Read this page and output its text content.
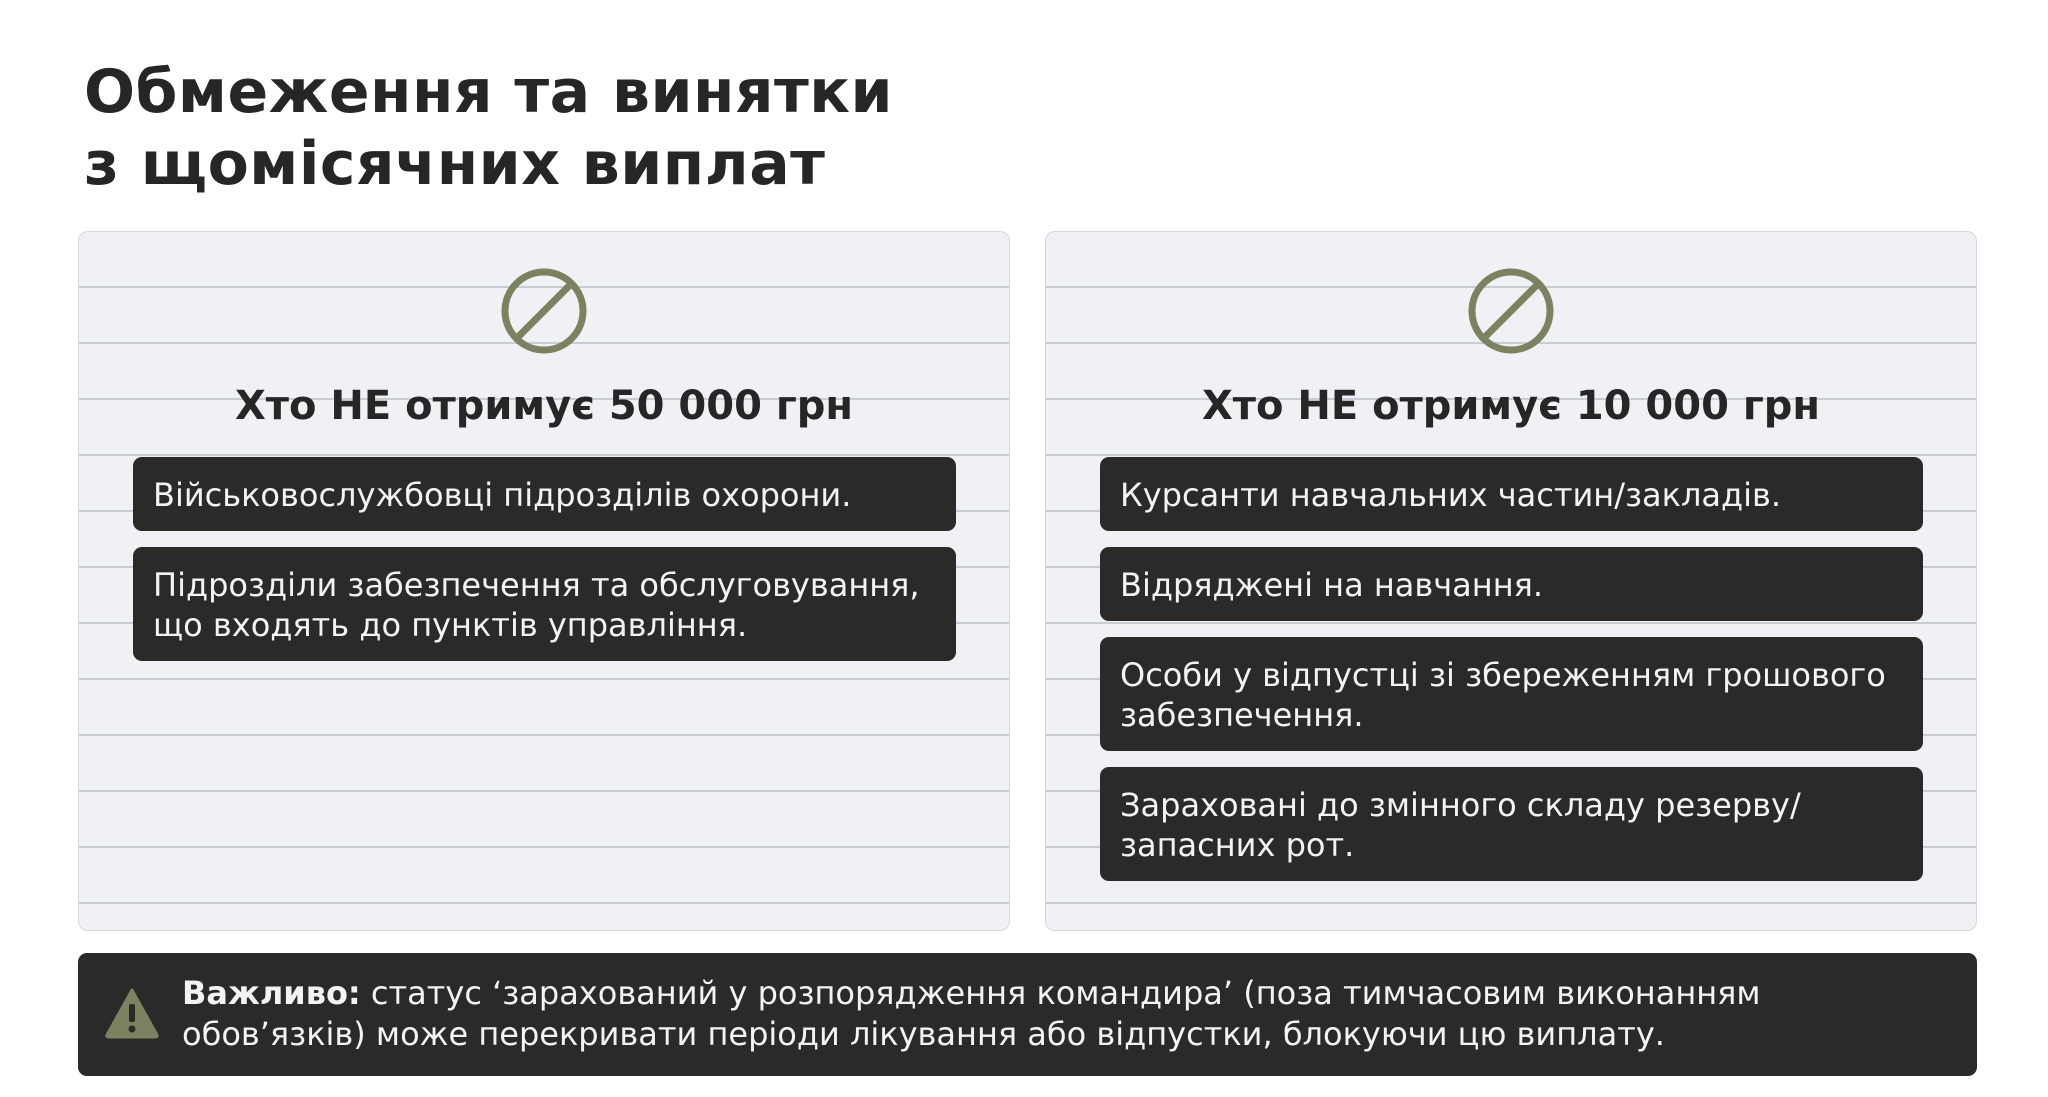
Обмеження та винятки
з щомісячних виплат
Хто НЕ отримує 50 000 грн
Військовослужбовці підрозділів охорони.
Підрозділи забезпечення та обслуговування, що входять до пунктів управління.
Хто НЕ отримує 10 000 грн
Курсанти навчальних частин/закладів.
Відряджені на навчання.
Особи у відпустці зі збереженням грошового забезпечення.
Зараховані до змінного складу резерву/запасних рот.

Важливо: статус ‘зарахований у розпорядження командира’ (поза тимчасовим виконанням обов’язків) може перекривати періоди лікування або відпустки, блокуючи цю виплату.
